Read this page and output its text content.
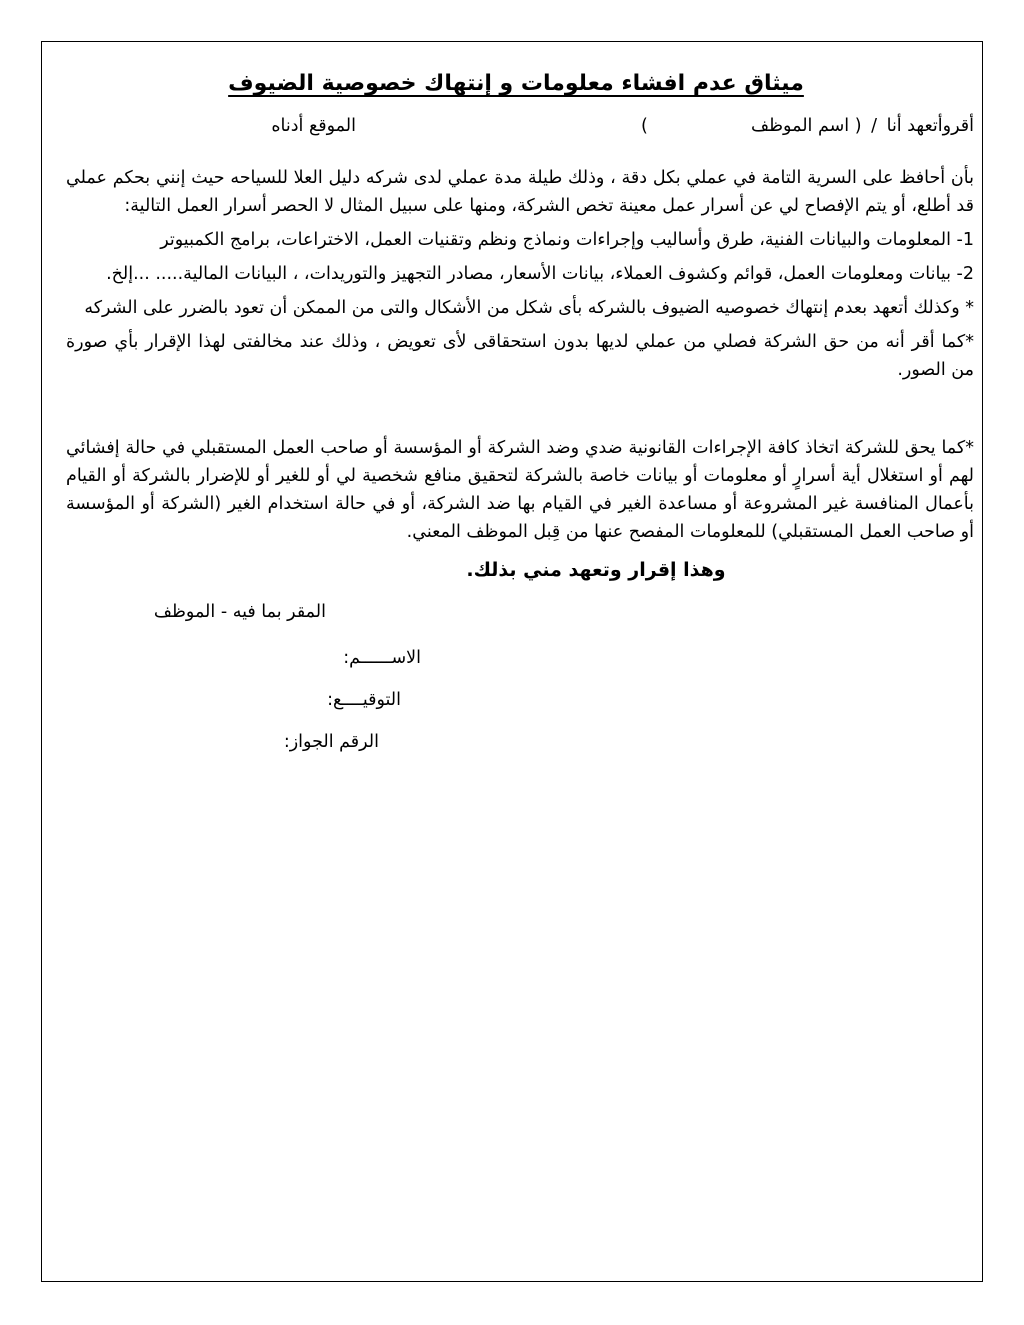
ميثاق عدم افشاء معلومات و إنتهاك خصوصية الضيوف
أقروأتعهد أنا / ( اسم الموظف  )
الموقع أدناه

بأن أحافظ على السرية التامة في عملي بكل دقة ، وذلك طيلة مدة عملي لدى شركه دليل العلا للسياحه حيث إنني بحكم عملي قد أطلع، أو يتم الإفصاح لي عن أسرار عمل معينة تخص الشركة، ومنها على سبيل المثال لا الحصر أسرار العمل التالية:

1- المعلومات والبيانات الفنية، طرق وأساليب وإجراءات ونماذج ونظم وتقنيات العمل، الاختراعات، برامج الكمبيوتر

2- بيانات ومعلومات العمل، قوائم وكشوف العملاء، بيانات الأسعار، مصادر التجهيز والتوريدات، ، البيانات المالية..... ...إلخ.

* وكذلك أتعهد بعدم إنتهاك خصوصيه الضيوف بالشركه بأى شكل من الأشكال والتى من الممكن أن تعود بالضرر على الشركه

*كما أقر أنه من حق الشركة فصلي من عملي لديها بدون استحقاقى لأى تعويض ، وذلك عند مخالفتى لهذا الإقرار بأي صورة من الصور.

*كما يحق للشركة اتخاذ كافة الإجراءات القانونية ضدي وضد الشركة أو المؤسسة أو صاحب العمل المستقبلي في حالة إفشائي لهم أو استغلال أية أسرارٍ أو معلومات أو بيانات خاصة بالشركة لتحقيق منافع شخصية لي أو للغير أو للإضرار بالشركة أو القيام بأعمال المنافسة غير المشروعة أو مساعدة الغير في القيام بها ضد الشركة، أو في حالة استخدام الغير (الشركة أو المؤسسة أو صاحب العمل المستقبلي) للمعلومات المفصح عنها من قِبل الموظف المعني.

وهذا إقرار وتعهد مني بذلك.
المقر بما فيه - الموظف
الاســــــم:
التوقيــــع:
الرقم الجواز:
